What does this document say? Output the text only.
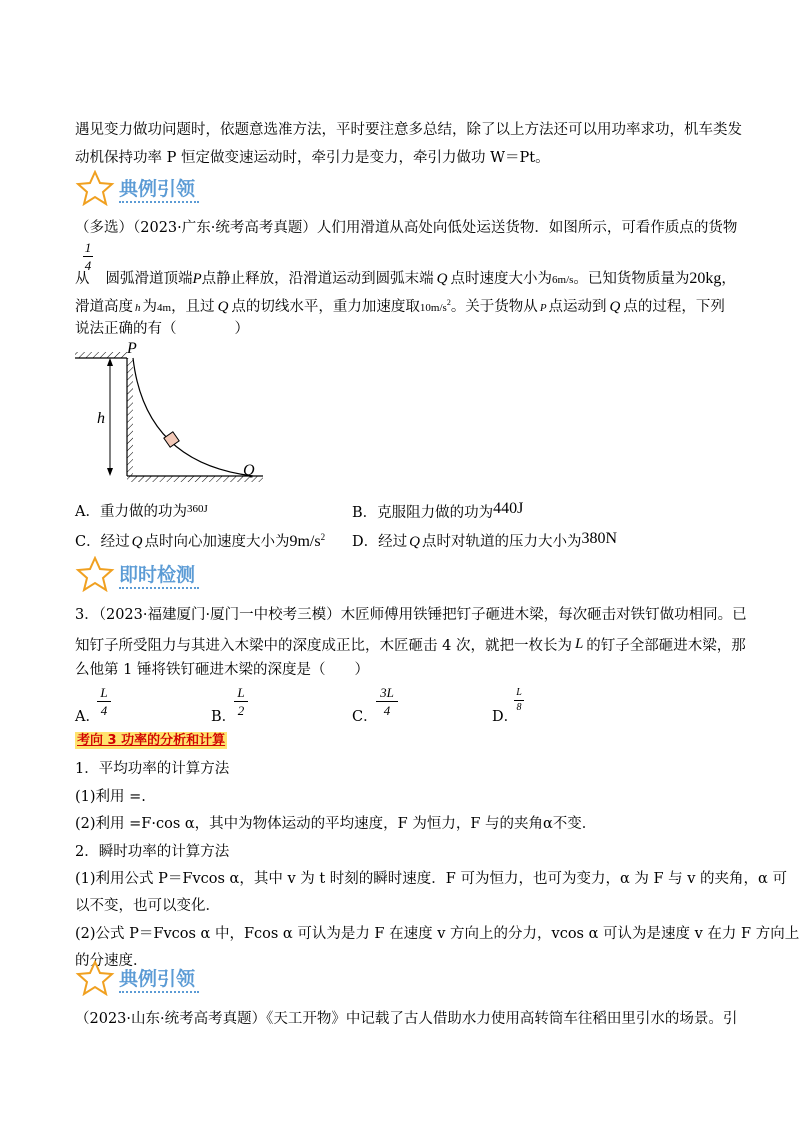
遇见变力做功问题时，依题意选准方法，平时要注意多总结，除了以上方法还可以用功率求功，机车类发
动机保持功率 P 恒定做变速运动时，牵引力是变力，牵引力做功 W＝Pt。
典例引领
（多选）（2023·广东·统考高考真题）人们用滑道从高处向低处运送货物．如图所示，可看作质点的货物
1
4
从 圆弧滑道顶端P点静止释放，沿滑道运动到圆弧末端 Q 点时速度大小为6m/s。已知货物质量为20kg，
滑道高度 h 为4m，且过 Q 点的切线水平，重力加速度取$10m/s^2$。关于货物从 P 点运动到 Q 点的过程，下列
说法正确的有（　　　　）
P
h
Q
A．重力做的功为$^{360J}$	B．克服阻力做的功为440J
C．经过 Q 点时向心加速度大小为$9m/s^2$ D．经过 Q 点时对轨道的压力大小为380N
即时检测
3．（2023·福建厦门·厦门一中校考三模）木匠师傅用铁锤把钉子砸进木梁，每次砸击对铁钉做功相同。已
知钉子所受阻力与其进入木梁中的深度成正比，木匠砸击 4 次，就把一枚长为 L 的钉子全部砸进木梁，那
么他第 1 锤将铁钉砸进木梁的深度是（　　）
A．
L
4	B．
L
2	C．
3L
4	D．
L
8
考向 3 功率的分析和计算
1．平均功率的计算方法
(1)利用 =.
(2)利用 =F·cos α，其中为物体运动的平均速度，F 为恒力，F 与的夹角α不变．
2．瞬时功率的计算方法
(1)利用公式 P＝Fvcos α，其中 v 为 t 时刻的瞬时速度．F 可为恒力，也可为变力，α 为 F 与 v 的夹角，α 可
以不变，也可以变化．
(2)公式 P＝Fvcos α 中，Fcos α 可认为是力 F 在速度 v 方向上的分力，vcos α 可认为是速度 v 在力 F 方向上
的分速度．
典例引领
（2023·山东·统考高考真题）《天工开物》中记载了古人借助水力使用高转筒车往稻田里引水的场景。引
